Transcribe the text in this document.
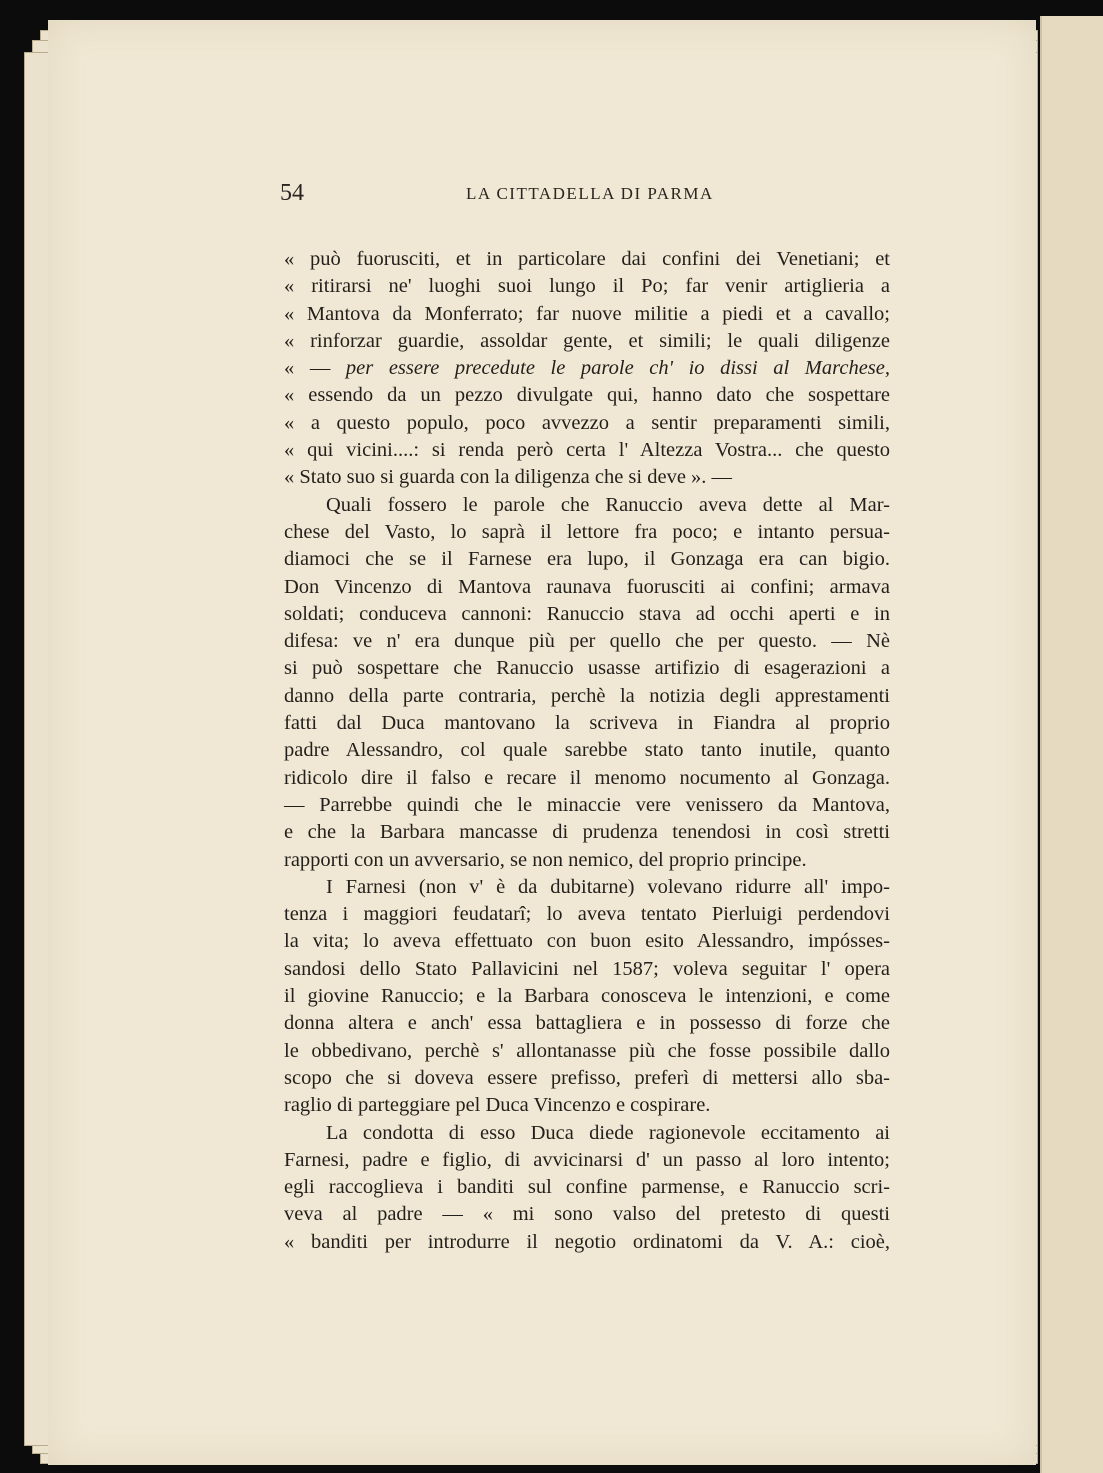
54	LA CITTADELLA DI PARMA
« può fuorusciti, et in particolare dai confini dei Venetiani; et
« ritirarsi ne' luoghi suoi lungo il Po; far venir artiglieria a
« Mantova da Monferrato; far nuove militie a piedi et a cavallo;
« rinforzar guardie, assoldar gente, et simili; le quali diligenze
« — per essere precedute le parole ch' io dissi al Marchese,
« essendo da un pezzo divulgate qui, hanno dato che sospettare
« a questo populo, poco avvezzo a sentir preparamenti simili,
« qui vicini....: si renda però certa l' Altezza Vostra... che questo
« Stato suo si guarda con la diligenza che si deve ». —
Quali fossero le parole che Ranuccio aveva dette al Mar-
chese del Vasto, lo saprà il lettore fra poco; e intanto persua-
diamoci che se il Farnese era lupo, il Gonzaga era can bigio.
Don Vincenzo di Mantova raunava fuorusciti ai confini; armava
soldati; conduceva cannoni: Ranuccio stava ad occhi aperti e in
difesa: ve n' era dunque più per quello che per questo. — Nè
si può sospettare che Ranuccio usasse artifizio di esagerazioni a
danno della parte contraria, perchè la notizia degli apprestamenti
fatti dal Duca mantovano la scriveva in Fiandra al proprio
padre Alessandro, col quale sarebbe stato tanto inutile, quanto
ridicolo dire il falso e recare il menomo nocumento al Gonzaga.
— Parrebbe quindi che le minaccie vere venissero da Mantova,
e che la Barbara mancasse di prudenza tenendosi in così stretti
rapporti con un avversario, se non nemico, del proprio principe.
I Farnesi (non v' è da dubitarne) volevano ridurre all' impo-
tenza i maggiori feudatarî; lo aveva tentato Pierluigi perdendovi
la vita; lo aveva effettuato con buon esito Alessandro, impósses-
sandosi dello Stato Pallavicini nel 1587; voleva seguitar l' opera
il giovine Ranuccio; e la Barbara conosceva le intenzioni, e come
donna altera e anch' essa battagliera e in possesso di forze che
le obbedivano, perchè s' allontanasse più che fosse possibile dallo
scopo che si doveva essere prefisso, preferì di mettersi allo sba-
raglio di parteggiare pel Duca Vincenzo e cospirare.
La condotta di esso Duca diede ragionevole eccitamento ai
Farnesi, padre e figlio, di avvicinarsi d' un passo al loro intento;
egli raccoglieva i banditi sul confine parmense, e Ranuccio scri-
veva al padre — « mi sono valso del pretesto di questi
« banditi per introdurre il negotio ordinatomi da V. A.: cioè,
